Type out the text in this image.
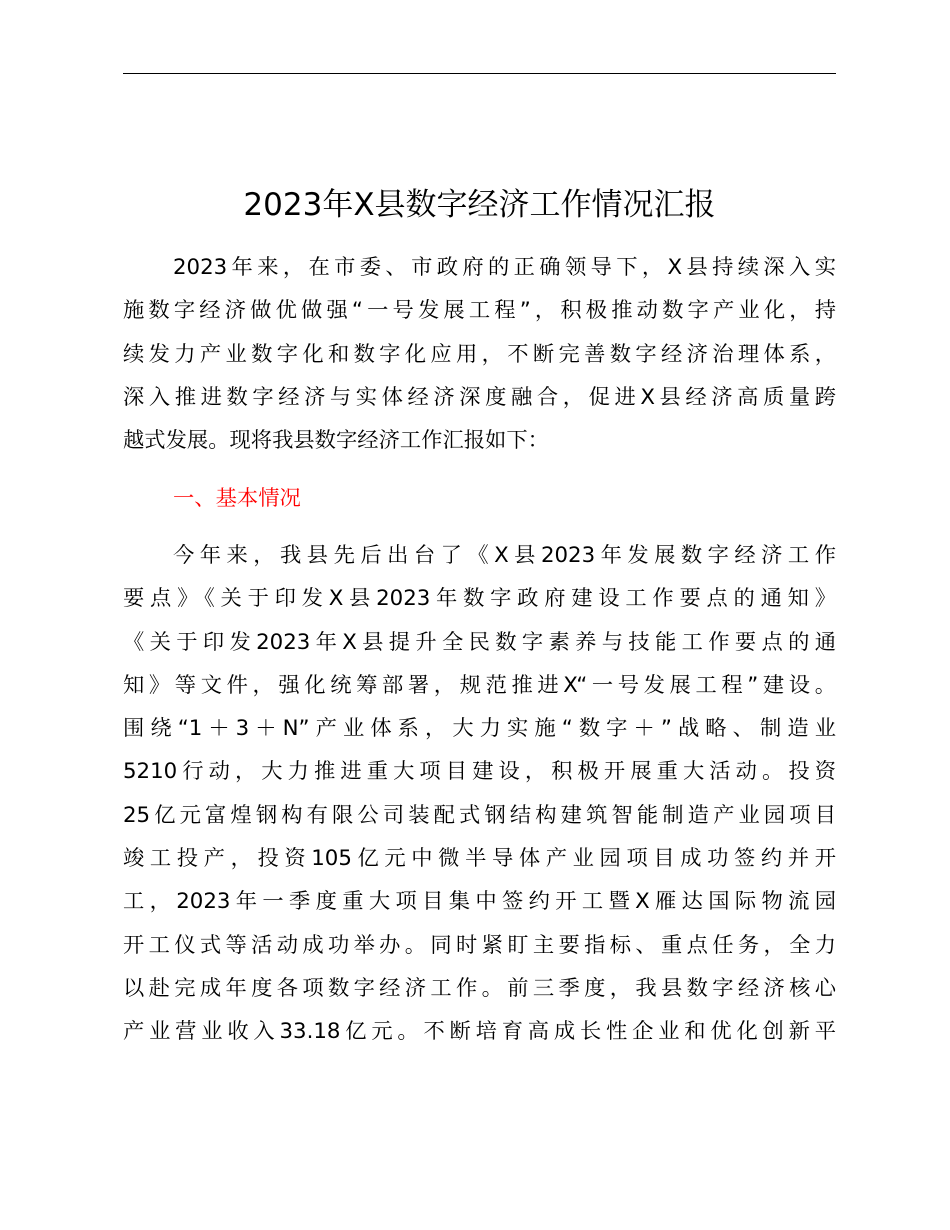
2023年X县数字经济工作情况汇报
2023年来，在市委、市政府的正确领导下，X县持续深入实
施数字经济做优做强“一号发展工程”，积极推动数字产业化，持
续发力产业数字化和数字化应用，不断完善数字经济治理体系，
深入推进数字经济与实体经济深度融合，促进X县经济高质量跨
越式发展。现将我县数字经济工作汇报如下：
一、基本情况
今年来，我县先后出台了《X县2023年发展数字经济工作
要点》《关于印发X县2023年数字政府建设工作要点的通知》
《关于印发2023年X县提升全民数字素养与技能工作要点的通
知》等文件，强化统筹部署，规范推进X“一号发展工程”建设。
围绕“1＋3＋N”产业体系，大力实施“数字＋”战略、制造业
5210行动，大力推进重大项目建设，积极开展重大活动。投资
25亿元富煌钢构有限公司装配式钢结构建筑智能制造产业园项目
竣工投产，投资105亿元中微半导体产业园项目成功签约并开
工，2023年一季度重大项目集中签约开工暨X雁达国际物流园
开工仪式等活动成功举办。同时紧盯主要指标、重点任务，全力
以赴完成年度各项数字经济工作。前三季度，我县数字经济核心
产业营业收入33.18亿元。不断培育高成长性企业和优化创新平
